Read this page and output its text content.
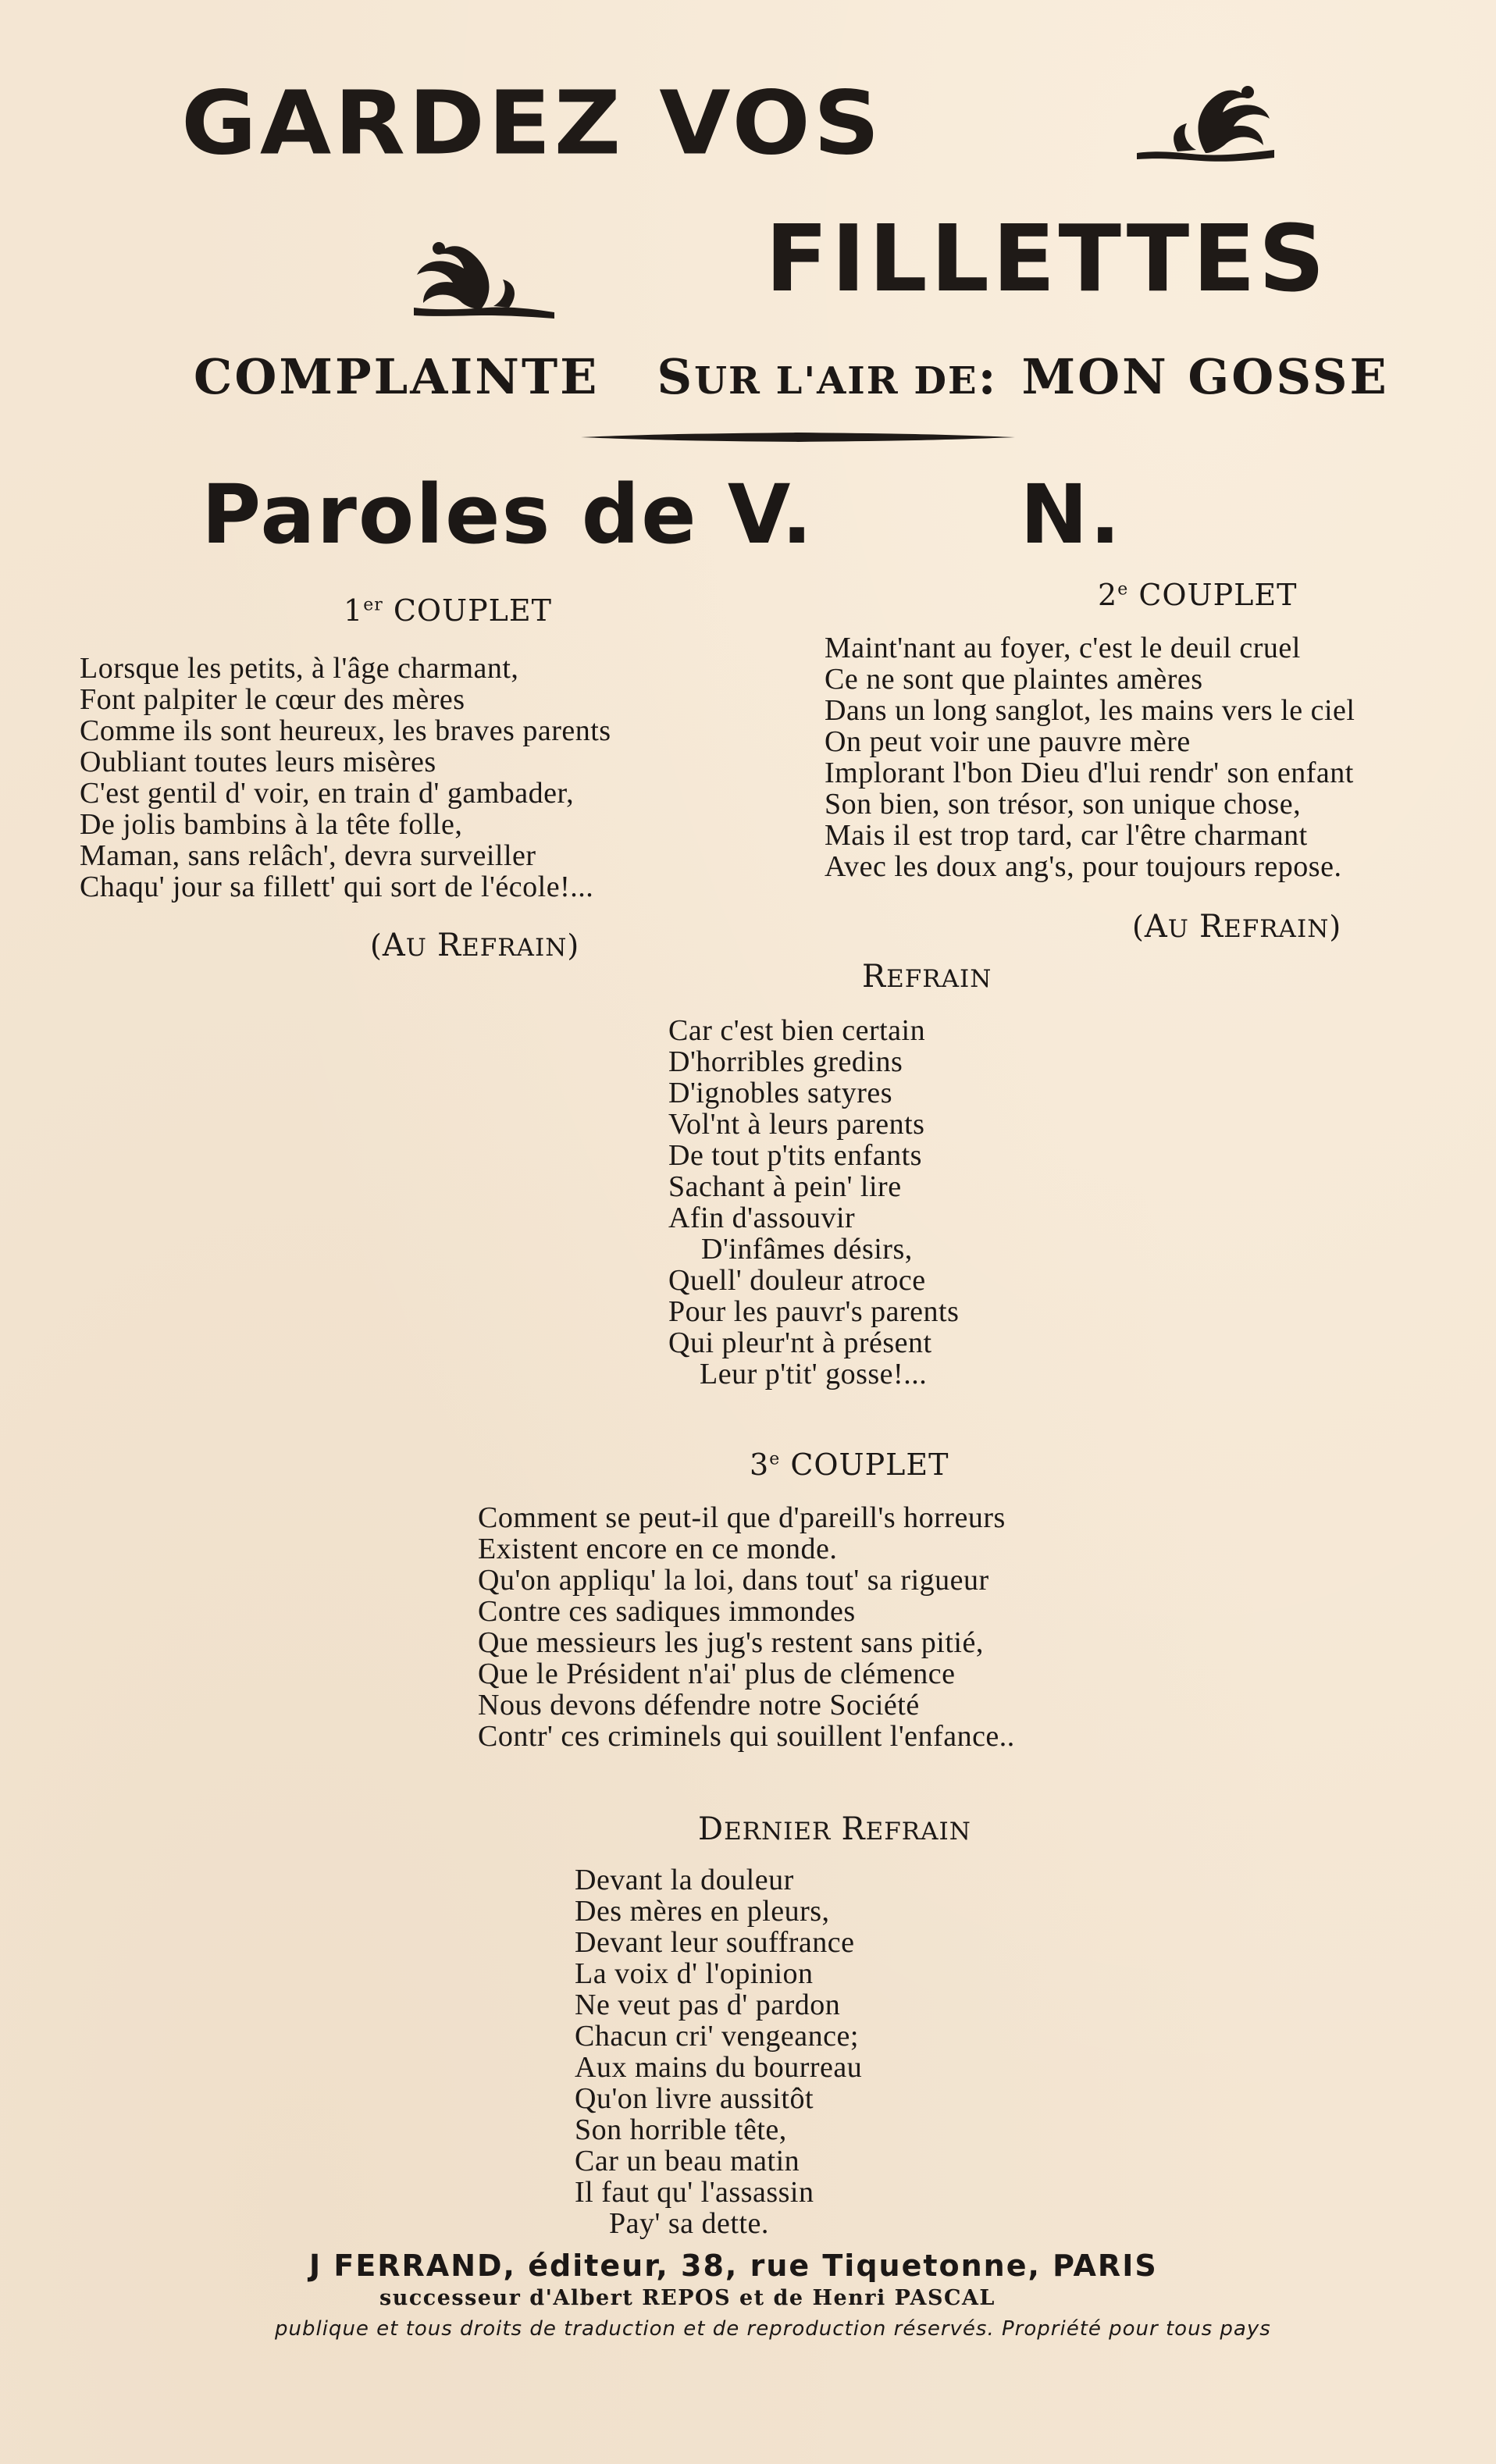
GARDEZ VOS
FILLETTES
COMPLAINTE SUR L'AIR DE: MON GOSSE
Paroles de V.	N.
1er COUPLET
Lorsque les petits, à l'âge charmant,
Font palpiter le cœur des mères
Comme ils sont heureux, les braves parents
Oubliant toutes leurs misères
C'est gentil d' voir, en train d' gambader,
De jolis bambins à la tête folle,
Maman, sans relâch', devra surveiller
Chaqu' jour sa fillett' qui sort de l'école!...
(AU REFRAIN)
2e COUPLET
Maint'nant au foyer, c'est le deuil cruel
Ce ne sont que plaintes amères
Dans un long sanglot, les mains vers le ciel
On peut voir une pauvre mère
Implorant l'bon Dieu d'lui rendr' son enfant
Son bien, son trésor, son unique chose,
Mais il est trop tard, car l'être charmant
Avec les doux ang's, pour toujours repose.
(AU REFRAIN)
REFRAIN
Car c'est bien certain
D'horribles gredins
D'ignobles satyres
Vol'nt à leurs parents
De tout p'tits enfants
Sachant à pein' lire
Afin d'assouvir
D'infâmes désirs,
Quell' douleur atroce
Pour les pauvr's parents
Qui pleur'nt à présent
Leur p'tit' gosse!...
3e COUPLET
Comment se peut-il que d'pareill's horreurs
Existent encore en ce monde.
Qu'on appliqu' la loi, dans tout' sa rigueur
Contre ces sadiques immondes
Que messieurs les jug's restent sans pitié,
Que le Président n'ai' plus de clémence
Nous devons défendre notre Société
Contr' ces criminels qui souillent l'enfance..
DERNIER REFRAIN
Devant la douleur
Des mères en pleurs,
Devant leur souffrance
La voix d' l'opinion
Ne veut pas d' pardon
Chacun cri' vengeance;
Aux mains du bourreau
Qu'on livre aussitôt
Son horrible tête,
Car un beau matin
Il faut qu' l'assassin
Pay' sa dette.
J FERRAND, éditeur, 38, rue Tiquetonne, PARIS
successeur d'Albert REPOS et de Henri PASCAL
publique et tous droits de traduction et de reproduction réservés. Propriété pour tous pays
